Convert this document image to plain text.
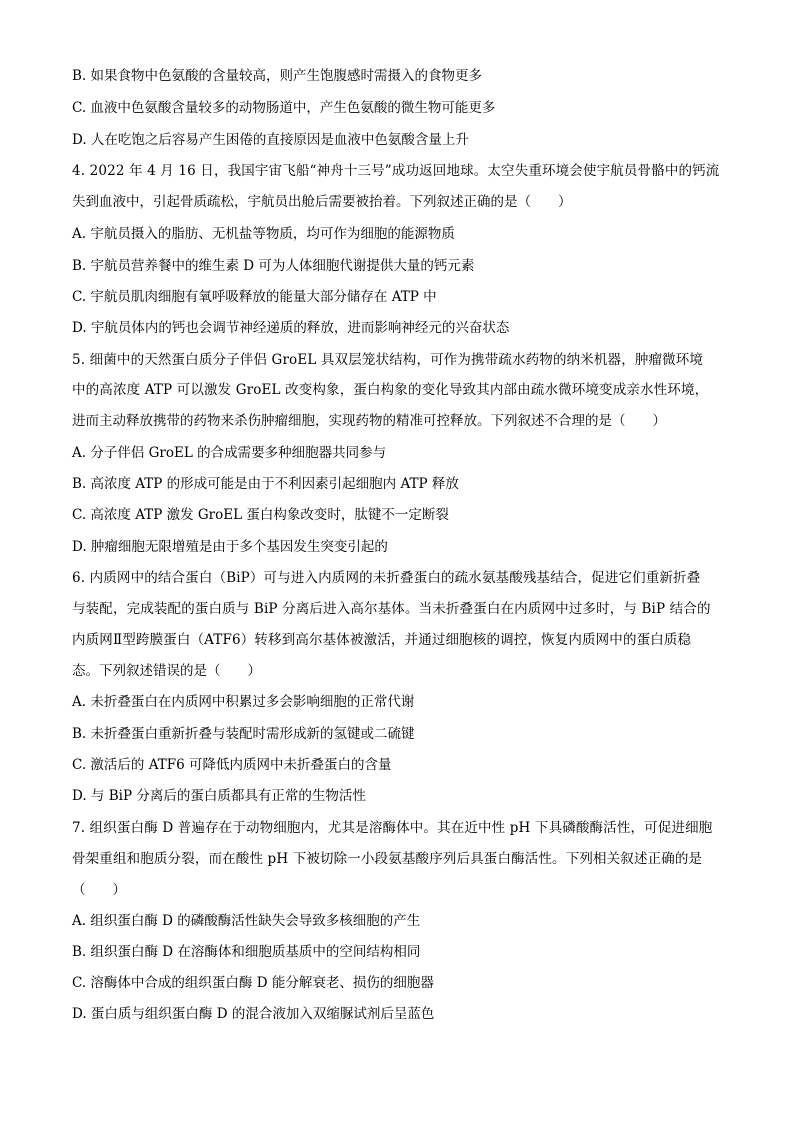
B. 如果食物中色氨酸的含量较高，则产生饱腹感时需摄入的食物更多
C. 血液中色氨酸含量较多的动物肠道中，产生色氨酸的微生物可能更多
D. 人在吃饱之后容易产生困倦的直接原因是血液中色氨酸含量上升
4. 2022 年 4 月 16 日，我国宇宙飞船“神舟十三号”成功返回地球。太空失重环境会使宇航员骨骼中的钙流
失到血液中，引起骨质疏松，宇航员出舱后需要被抬着。下列叙述正确的是（　　）
A. 宇航员摄入的脂肪、无机盐等物质，均可作为细胞的能源物质
B. 宇航员营养餐中的维生素 D 可为人体细胞代谢提供大量的钙元素
C. 宇航员肌肉细胞有氧呼吸释放的能量大部分储存在 ATP 中
D. 宇航员体内的钙也会调节神经递质的释放，进而影响神经元的兴奋状态
5. 细菌中的天然蛋白质分子伴侣 GroEL 具双层笼状结构，可作为携带疏水药物的纳米机器，肿瘤微环境
中的高浓度 ATP 可以激发 GroEL 改变构象，蛋白构象的变化导致其内部由疏水微环境变成亲水性环境，
进而主动释放携带的药物来杀伤肿瘤细胞，实现药物的精准可控释放。下列叙述不合理的是（　　）
A. 分子伴侣 GroEL 的合成需要多种细胞器共同参与
B. 高浓度 ATP 的形成可能是由于不利因素引起细胞内 ATP 释放
C. 高浓度 ATP 激发 GroEL 蛋白构象改变时，肽键不一定断裂
D. 肿瘤细胞无限增殖是由于多个基因发生突变引起的
6. 内质网中的结合蛋白（BiP）可与进入内质网的未折叠蛋白的疏水氨基酸残基结合，促进它们重新折叠
与装配，完成装配的蛋白质与 BiP 分离后进入高尔基体。当未折叠蛋白在内质网中过多时，与 BiP 结合的
内质网Ⅱ型跨膜蛋白（ATF6）转移到高尔基体被激活，并通过细胞核的调控，恢复内质网中的蛋白质稳
态。下列叙述错误的是（　　）
A. 未折叠蛋白在内质网中积累过多会影响细胞的正常代谢
B. 未折叠蛋白重新折叠与装配时需形成新的氢键或二硫键
C. 激活后的 ATF6 可降低内质网中未折叠蛋白的含量
D. 与 BiP 分离后的蛋白质都具有正常的生物活性
7. 组织蛋白酶 D 普遍存在于动物细胞内，尤其是溶酶体中。其在近中性 pH 下具磷酸酶活性，可促进细胞
骨架重组和胞质分裂，而在酸性 pH 下被切除一小段氨基酸序列后具蛋白酶活性。下列相关叙述正确的是
（　　）
A. 组织蛋白酶 D 的磷酸酶活性缺失会导致多核细胞的产生
B. 组织蛋白酶 D 在溶酶体和细胞质基质中的空间结构相同
C. 溶酶体中合成的组织蛋白酶 D 能分解衰老、损伤的细胞器
D. 蛋白质与组织蛋白酶 D 的混合液加入双缩脲试剂后呈蓝色
